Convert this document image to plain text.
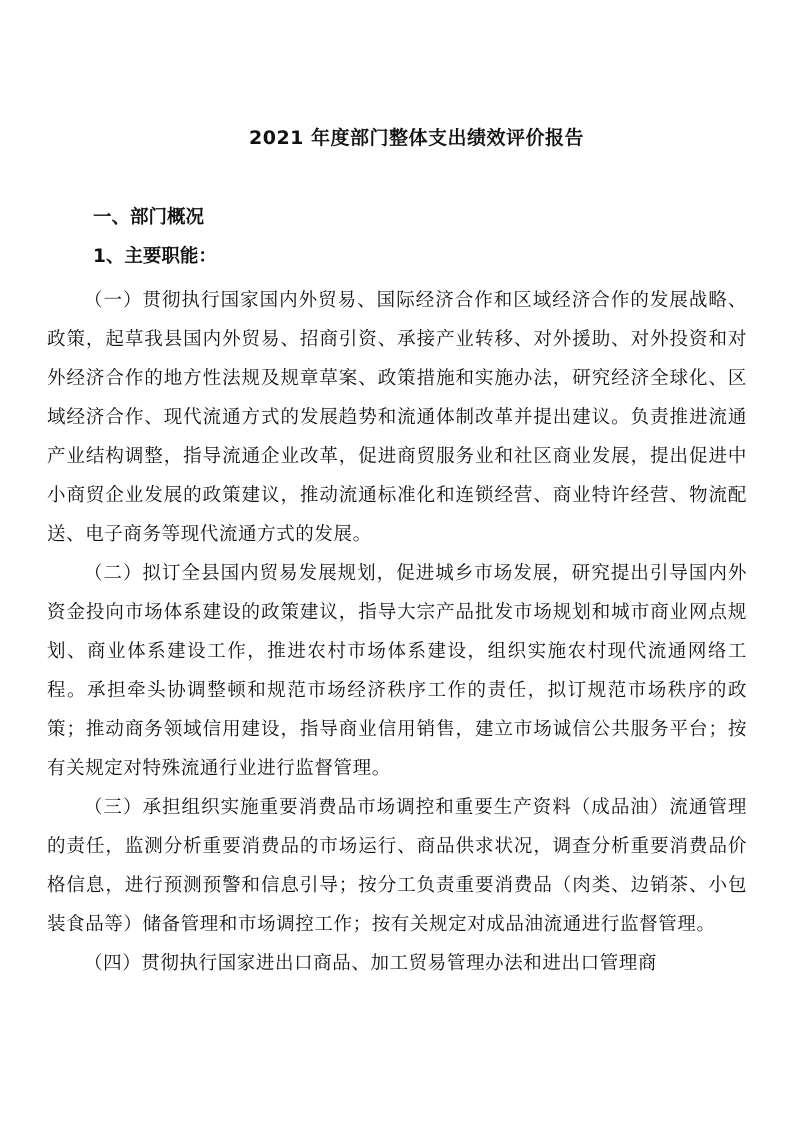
2021 年度部门整体支出绩效评价报告
一、部门概况
1、主要职能：

（一）贯彻执行国家国内外贸易、国际经济合作和区域经济合作的发展战略、政策，起草我县国内外贸易、招商引资、承接产业转移、对外援助、对外投资和对外经济合作的地方性法规及规章草案、政策措施和实施办法，研究经济全球化、区域经济合作、现代流通方式的发展趋势和流通体制改革并提出建议。负责推进流通产业结构调整，指导流通企业改革，促进商贸服务业和社区商业发展，提出促进中小商贸企业发展的政策建议，推动流通标准化和连锁经营、商业特许经营、物流配送、电子商务等现代流通方式的发展。

（二）拟订全县国内贸易发展规划，促进城乡市场发展，研究提出引导国内外资金投向市场体系建设的政策建议，指导大宗产品批发市场规划和城市商业网点规划、商业体系建设工作，推进农村市场体系建设，组织实施农村现代流通网络工程。承担牵头协调整顿和规范市场经济秩序工作的责任，拟订规范市场秩序的政策；推动商务领域信用建设，指导商业信用销售，建立市场诚信公共服务平台；按有关规定对特殊流通行业进行监督管理。

（三）承担组织实施重要消费品市场调控和重要生产资料（成品油）流通管理的责任，监测分析重要消费品的市场运行、商品供求状况，调查分析重要消费品价格信息，进行预测预警和信息引导；按分工负责重要消费品（肉类、边销茶、小包装食品等）储备管理和市场调控工作；按有关规定对成品油流通进行监督管理。

（四）贯彻执行国家进出口商品、加工贸易管理办法和进出口管理商
